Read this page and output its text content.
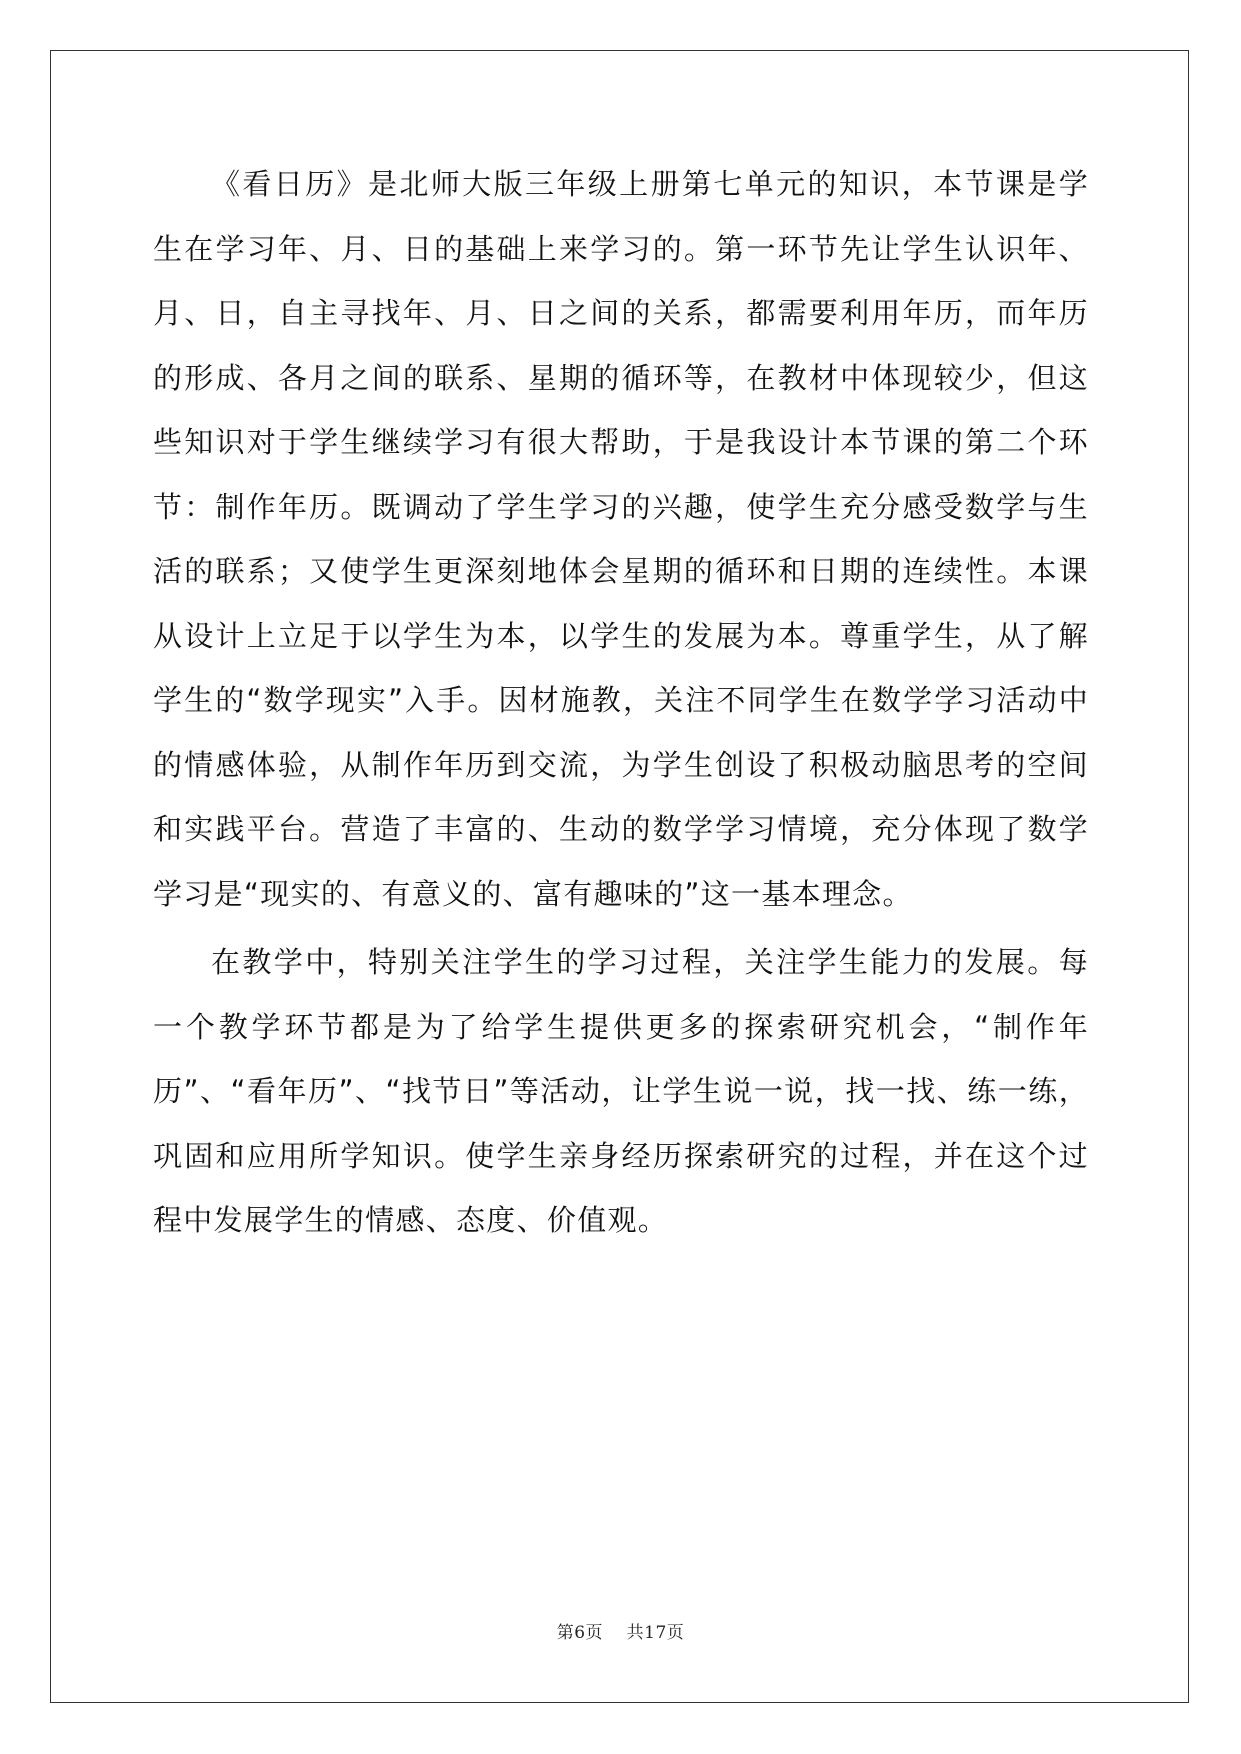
《看日历》是北师大版三年级上册第七单元的知识，本节课是学生在学习年、月、日的基础上来学习的。第一环节先让学生认识年、月、日，自主寻找年、月、日之间的关系，都需要利用年历，而年历的形成、各月之间的联系、星期的循环等，在教材中体现较少，但这些知识对于学生继续学习有很大帮助，于是我设计本节课的第二个环节：制作年历。既调动了学生学习的兴趣，使学生充分感受数学与生活的联系；又使学生更深刻地体会星期的循环和日期的连续性。本课从设计上立足于以学生为本，以学生的发展为本。尊重学生，从了解学生的“数学现实”入手。因材施教，关注不同学生在数学学习活动中的情感体验，从制作年历到交流，为学生创设了积极动脑思考的空间和实践平台。营造了丰富的、生动的数学学习情境，充分体现了数学学习是“现实的、有意义的、富有趣味的”这一基本理念。

在教学中，特别关注学生的学习过程，关注学生能力的发展。每一个教学环节都是为了给学生提供更多的探索研究机会，“制作年历”、“看年历”、“找节日”等活动，让学生说一说，找一找、练一练，巩固和应用所学知识。使学生亲身经历探索研究的过程，并在这个过程中发展学生的情感、态度、价值观。

第6页 共17页
